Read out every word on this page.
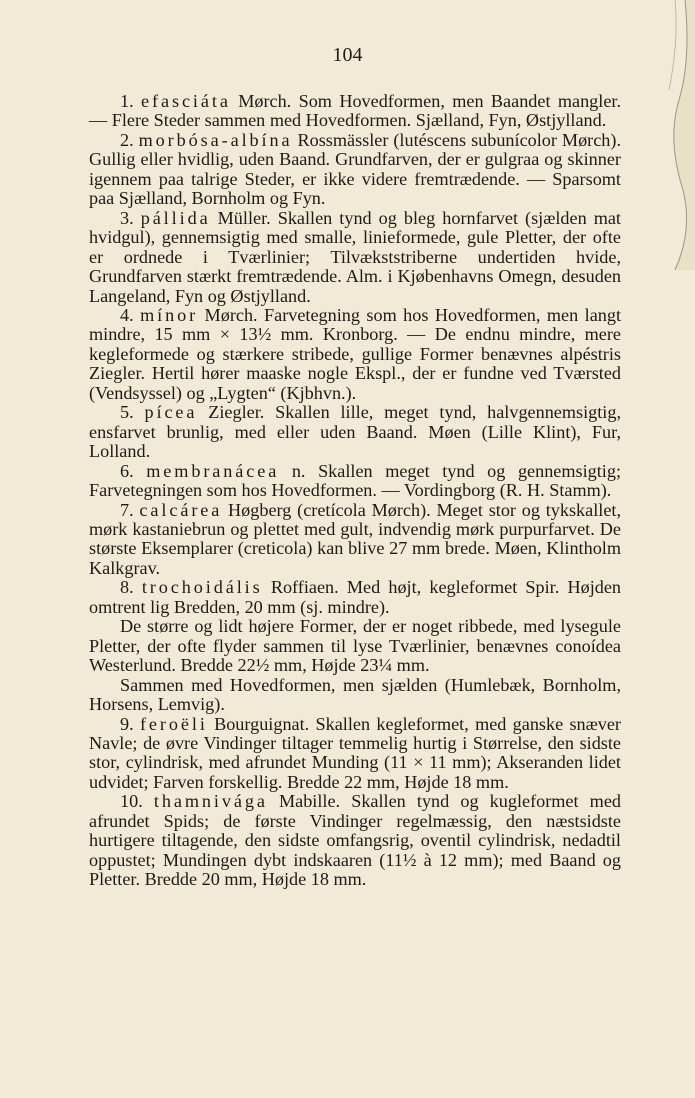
104

1. efasciáta Mørch. Som Hovedformen, men Baandet mangler. — Flere Steder sammen med Hovedformen. Sjælland, Fyn, Østjylland.

2. morbósa-albína Rossmässler (lutéscens subunícolor Mørch). Gullig eller hvidlig, uden Baand. Grundfarven, der er gulgraa og skinner igennem paa talrige Steder, er ikke videre fremtrædende. — Sparsomt paa Sjælland, Bornholm og Fyn.

3. pállida Müller. Skallen tynd og bleg hornfarvet (sjælden mat hvidgul), gennemsigtig med smalle, linieformede, gule Pletter, der ofte er ordnede i Tværlinier; Tilvækststriberne undertiden hvide, Grundfarven stærkt fremtrædende. Alm. i Kjøbenhavns Omegn, desuden Langeland, Fyn og Østjylland.

4. mínor Mørch. Farvetegning som hos Hovedformen, men langt mindre, 15 mm × 13½ mm. Kronborg. — De endnu mindre, mere kegleformede og stærkere stribede, gullige Former benævnes alpéstris Ziegler. Hertil hører maaske nogle Ekspl., der er fundne ved Tværsted (Vendsyssel) og „Lygten“ (Kjbhvn.).

5. pícea Ziegler. Skallen lille, meget tynd, halvgennemsigtig, ensfarvet brunlig, med eller uden Baand. Møen (Lille Klint), Fur, Lolland.

6. membranácea n. Skallen meget tynd og gennemsigtig; Farvetegningen som hos Hovedformen. — Vordingborg (R. H. Stamm).

7. calcárea Høgberg (cretícola Mørch). Meget stor og tykskallet, mørk kastaniebrun og plettet med gult, indvendig mørk purpurfarvet. De største Eksemplarer (creticola) kan blive 27 mm brede. Møen, Klintholm Kalkgrav.

8. trochoidális Roffiaen. Med højt, kegleformet Spir. Højden omtrent lig Bredden, 20 mm (sj. mindre).

De større og lidt højere Former, der er noget ribbede, med lysegule Pletter, der ofte flyder sammen til lyse Tværlinier, benævnes conoídea Westerlund. Bredde 22½ mm, Højde 23¼ mm.

Sammen med Hovedformen, men sjælden (Humlebæk, Bornholm, Horsens, Lemvig).

9. feroëli Bourguignat. Skallen kegleformet, med ganske snæver Navle; de øvre Vindinger tiltager temmelig hurtig i Størrelse, den sidste stor, cylindrisk, med afrundet Munding (11 × 11 mm); Akseranden lidet udvidet; Farven forskellig. Bredde 22 mm, Højde 18 mm.

10. thamnivága Mabille. Skallen tynd og kugleformet med afrundet Spids; de første Vindinger regelmæssig, den næstsidste hurtigere tiltagende, den sidste omfangsrig, oventil cylindrisk, nedadtil oppustet; Mundingen dybt indskaaren (11½ à 12 mm); med Baand og Pletter. Bredde 20 mm, Højde 18 mm.
